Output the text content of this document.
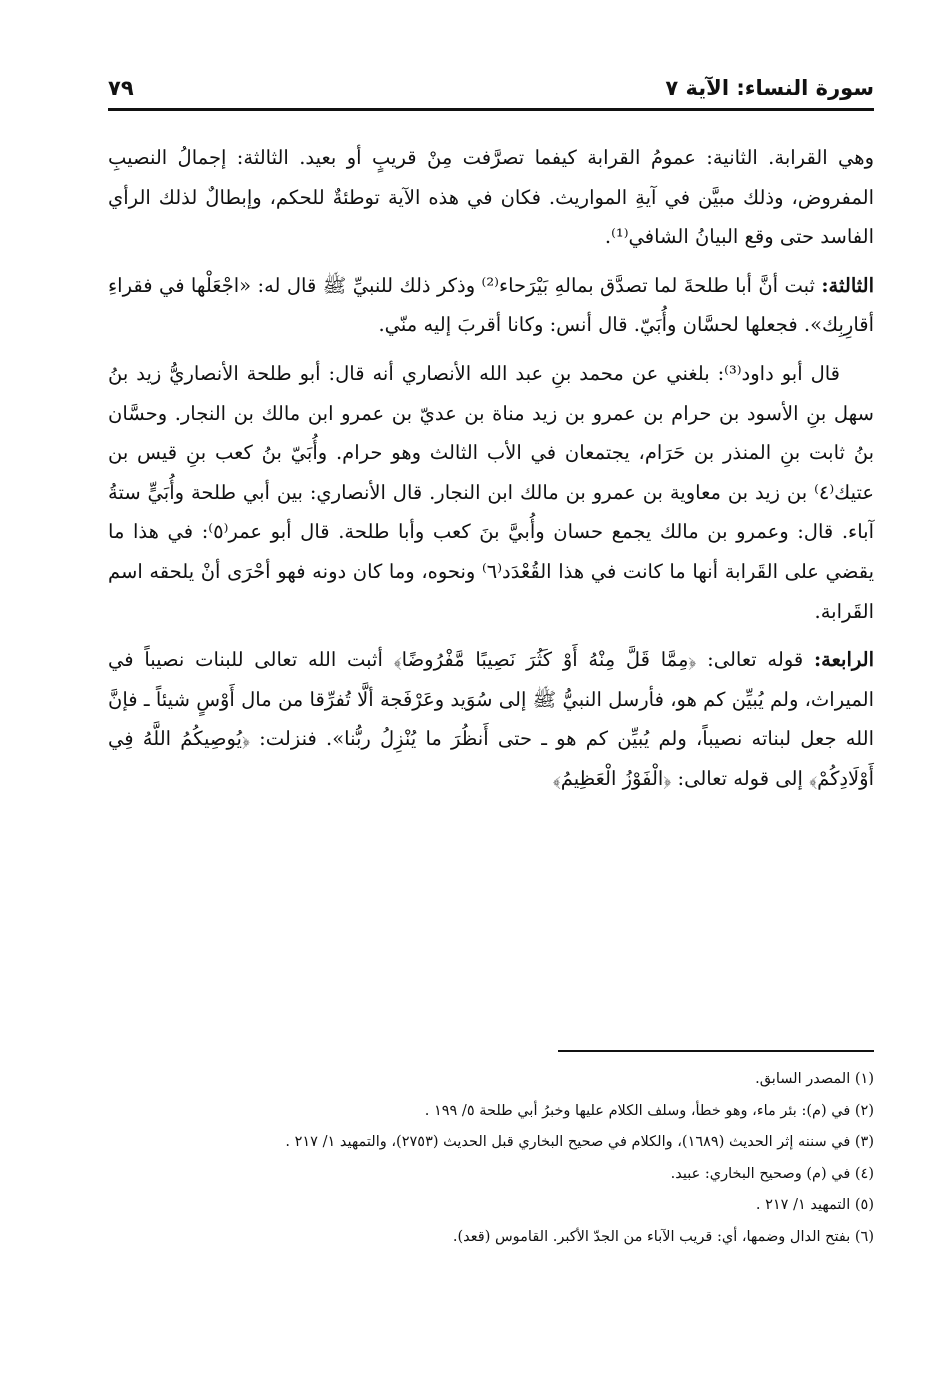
سورة النساء: الآية ٧
٧٩

وهي القرابة. الثانية: عمومُ القرابة كيفما تصرَّفت مِنْ قريبٍ أو بعيد. الثالثة: إجمالُ النصيبِ المفروض، وذلك مبيَّن في آيةِ المواريث. فكان في هذه الآية توطئةٌ للحكم، وإبطالٌ لذلك الرأي الفاسد حتى وقع البيانُ الشافي⁽¹⁾.

الثالثة: ثبت أنَّ أبا طلحةَ لما تصدَّق بمالهِ بَيْرَحاء⁽²⁾ وذكر ذلك للنبيِّ ﷺ قال له: «اجْعَلْها في فقراءِ أقارِبِك». فجعلها لحسَّان وأُبَيّ. قال أنس: وكانا أقربَ إليه منّي.

قال أبو داود⁽³⁾: بلغني عن محمد بنِ عبد الله الأنصاري أنه قال: أبو طلحة الأنصاريُّ زيد بنُ سهل بنِ الأسود بن حرام بن عمرو بن زيد مناة بن عديّ بن عمرو ابن مالك بن النجار. وحسَّان بنُ ثابت بنِ المنذر بن حَرَام، يجتمعان في الأب الثالث وهو حرام. وأُبَيّ بنُ كعب بنِ قيس بن عتيك⁽٤⁾ بن زيد بن معاوية بن عمرو بن مالك ابن النجار. قال الأنصاري: بين أبي طلحة وأُبَيٍّ ستةُ آباء. قال: وعمرو بن مالك يجمع حسان وأُبيَّ بنَ كعب وأبا طلحة. قال أبو عمر⁽٥⁾: في هذا ما يقضي على القَرابة أنها ما كانت في هذا القُعْدَد⁽٦⁾ ونحوه، وما كان دونه فهو أحْرَى أنْ يلحقه اسم القَرابة.

الرابعة: قوله تعالى: ﴿مِمَّا قَلَّ مِنْهُ أَوْ كَثُرَ نَصِيبًا مَّفْرُوضًا﴾ أثبت الله تعالى للبنات نصيباً في الميراث، ولم يُبيِّن كم هو، فأرسل النبيُّ ﷺ إلى سُوَيد وعَرْفَجة ألَّا تُفرِّقا من مال أَوْسٍ شيئاً ـ فإنَّ الله جعل لبناته نصيباً، ولم يُبيِّن كم هو ـ حتى أَنظُرَ ما يُنْزِلُ ربُّنا». فنزلت: ﴿يُوصِيكُمُ اللَّهُ فِي أَوْلَادِكُمْ﴾ إلى قوله تعالى: ﴿الْفَوْزُ الْعَظِيمُ﴾

(١) المصدر السابق.

(٢) في (م): بئر ماء، وهو خطأ، وسلف الكلام عليها وخبرُ أبي طلحة ٥/ ١٩٩ .

(٣) في سننه إثر الحديث (١٦٨٩)، والكلام في صحيح البخاري قبل الحديث (٢٧٥٣)، والتمهيد ١/ ٢١٧ .

(٤) في (م) وصحيح البخاري: عبيد.

(٥) التمهيد ١/ ٢١٧ .

(٦) بفتح الدال وضمها، أي: قريب الآباء من الجدّ الأكبر. القاموس (قعد).
